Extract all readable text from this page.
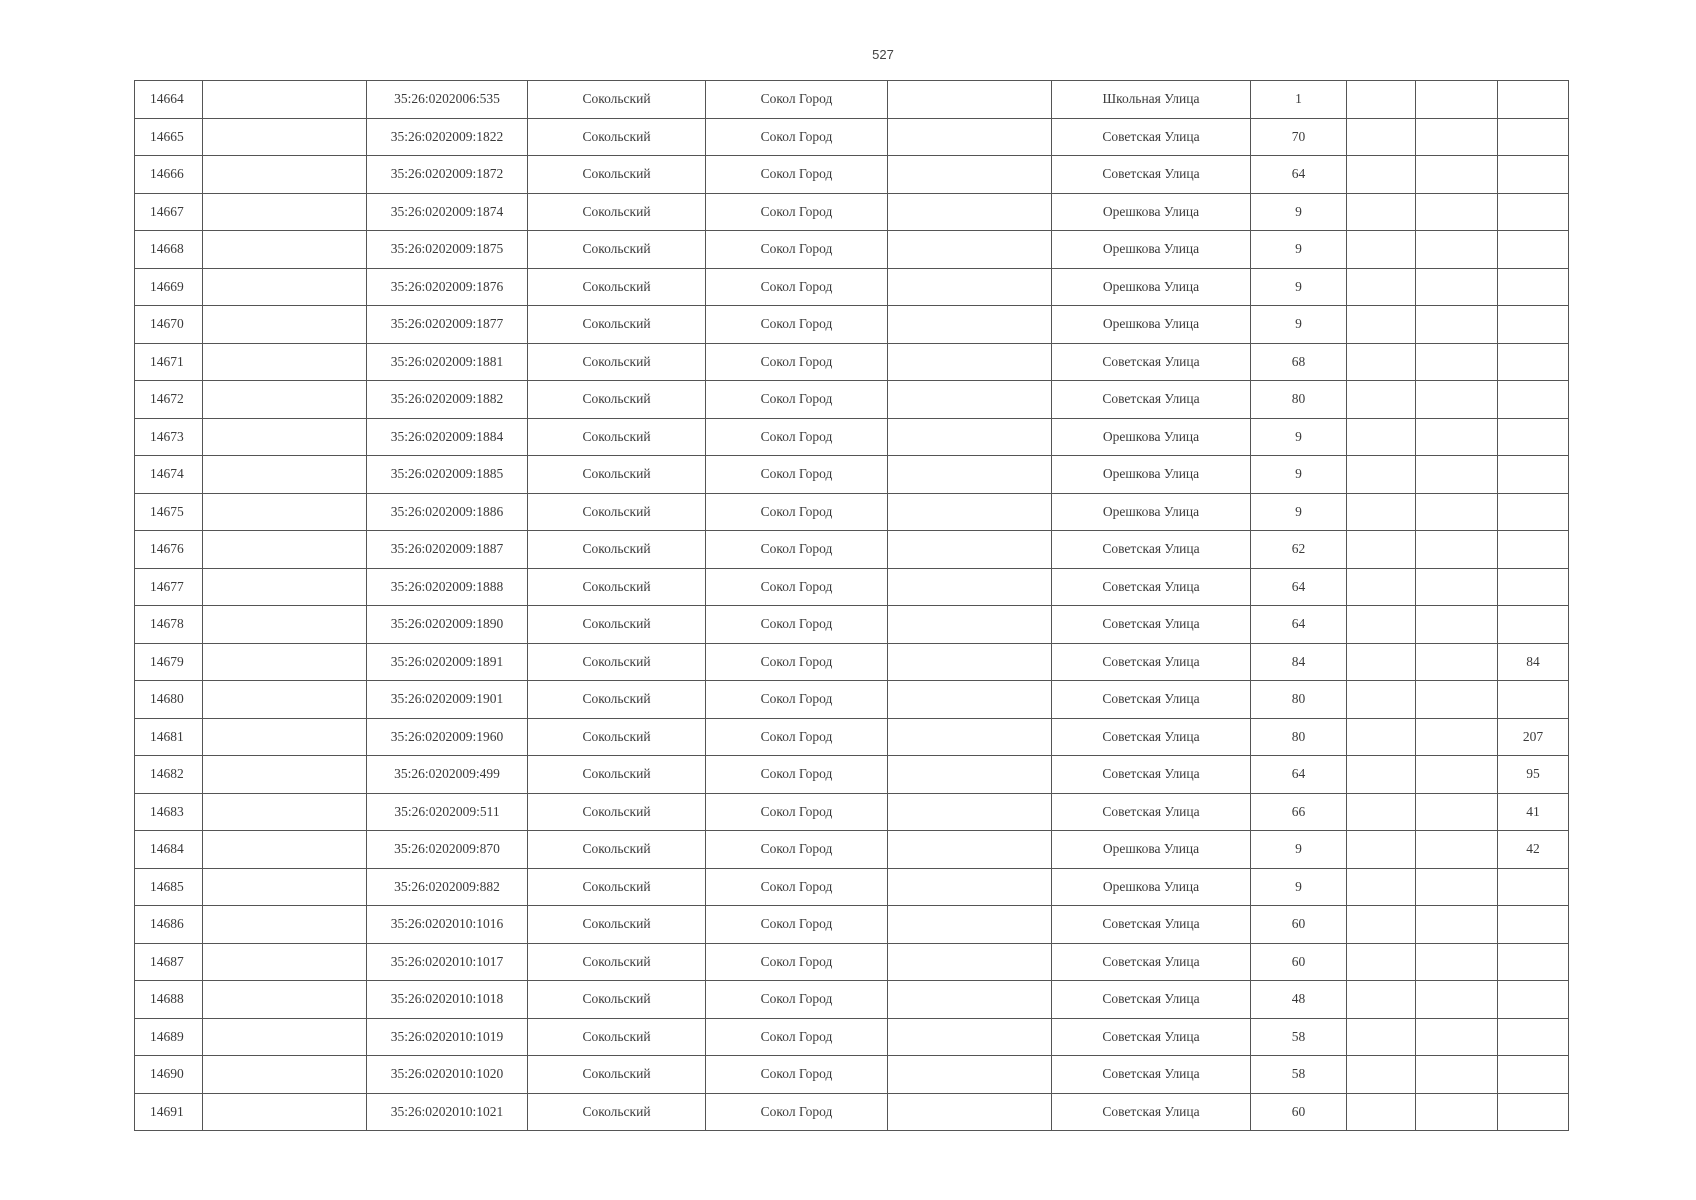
527
14664		35:26:0202006:535	Сокольский	Сокол Город		Школьная Улица	1			
14665		35:26:0202009:1822	Сокольский	Сокол Город		Советская Улица	70			
14666		35:26:0202009:1872	Сокольский	Сокол Город		Советская Улица	64			
14667		35:26:0202009:1874	Сокольский	Сокол Город		Орешкова Улица	9			
14668		35:26:0202009:1875	Сокольский	Сокол Город		Орешкова Улица	9			
14669		35:26:0202009:1876	Сокольский	Сокол Город		Орешкова Улица	9			
14670		35:26:0202009:1877	Сокольский	Сокол Город		Орешкова Улица	9			
14671		35:26:0202009:1881	Сокольский	Сокол Город		Советская Улица	68			
14672		35:26:0202009:1882	Сокольский	Сокол Город		Советская Улица	80			
14673		35:26:0202009:1884	Сокольский	Сокол Город		Орешкова Улица	9			
14674		35:26:0202009:1885	Сокольский	Сокол Город		Орешкова Улица	9			
14675		35:26:0202009:1886	Сокольский	Сокол Город		Орешкова Улица	9			
14676		35:26:0202009:1887	Сокольский	Сокол Город		Советская Улица	62			
14677		35:26:0202009:1888	Сокольский	Сокол Город		Советская Улица	64			
14678		35:26:0202009:1890	Сокольский	Сокол Город		Советская Улица	64			
14679		35:26:0202009:1891	Сокольский	Сокол Город		Советская Улица	84			84
14680		35:26:0202009:1901	Сокольский	Сокол Город		Советская Улица	80			
14681		35:26:0202009:1960	Сокольский	Сокол Город		Советская Улица	80			207
14682		35:26:0202009:499	Сокольский	Сокол Город		Советская Улица	64			95
14683		35:26:0202009:511	Сокольский	Сокол Город		Советская Улица	66			41
14684		35:26:0202009:870	Сокольский	Сокол Город		Орешкова Улица	9			42
14685		35:26:0202009:882	Сокольский	Сокол Город		Орешкова Улица	9			
14686		35:26:0202010:1016	Сокольский	Сокол Город		Советская Улица	60			
14687		35:26:0202010:1017	Сокольский	Сокол Город		Советская Улица	60			
14688		35:26:0202010:1018	Сокольский	Сокол Город		Советская Улица	48			
14689		35:26:0202010:1019	Сокольский	Сокол Город		Советская Улица	58			
14690		35:26:0202010:1020	Сокольский	Сокол Город		Советская Улица	58			
14691		35:26:0202010:1021	Сокольский	Сокол Город		Советская Улица	60			
